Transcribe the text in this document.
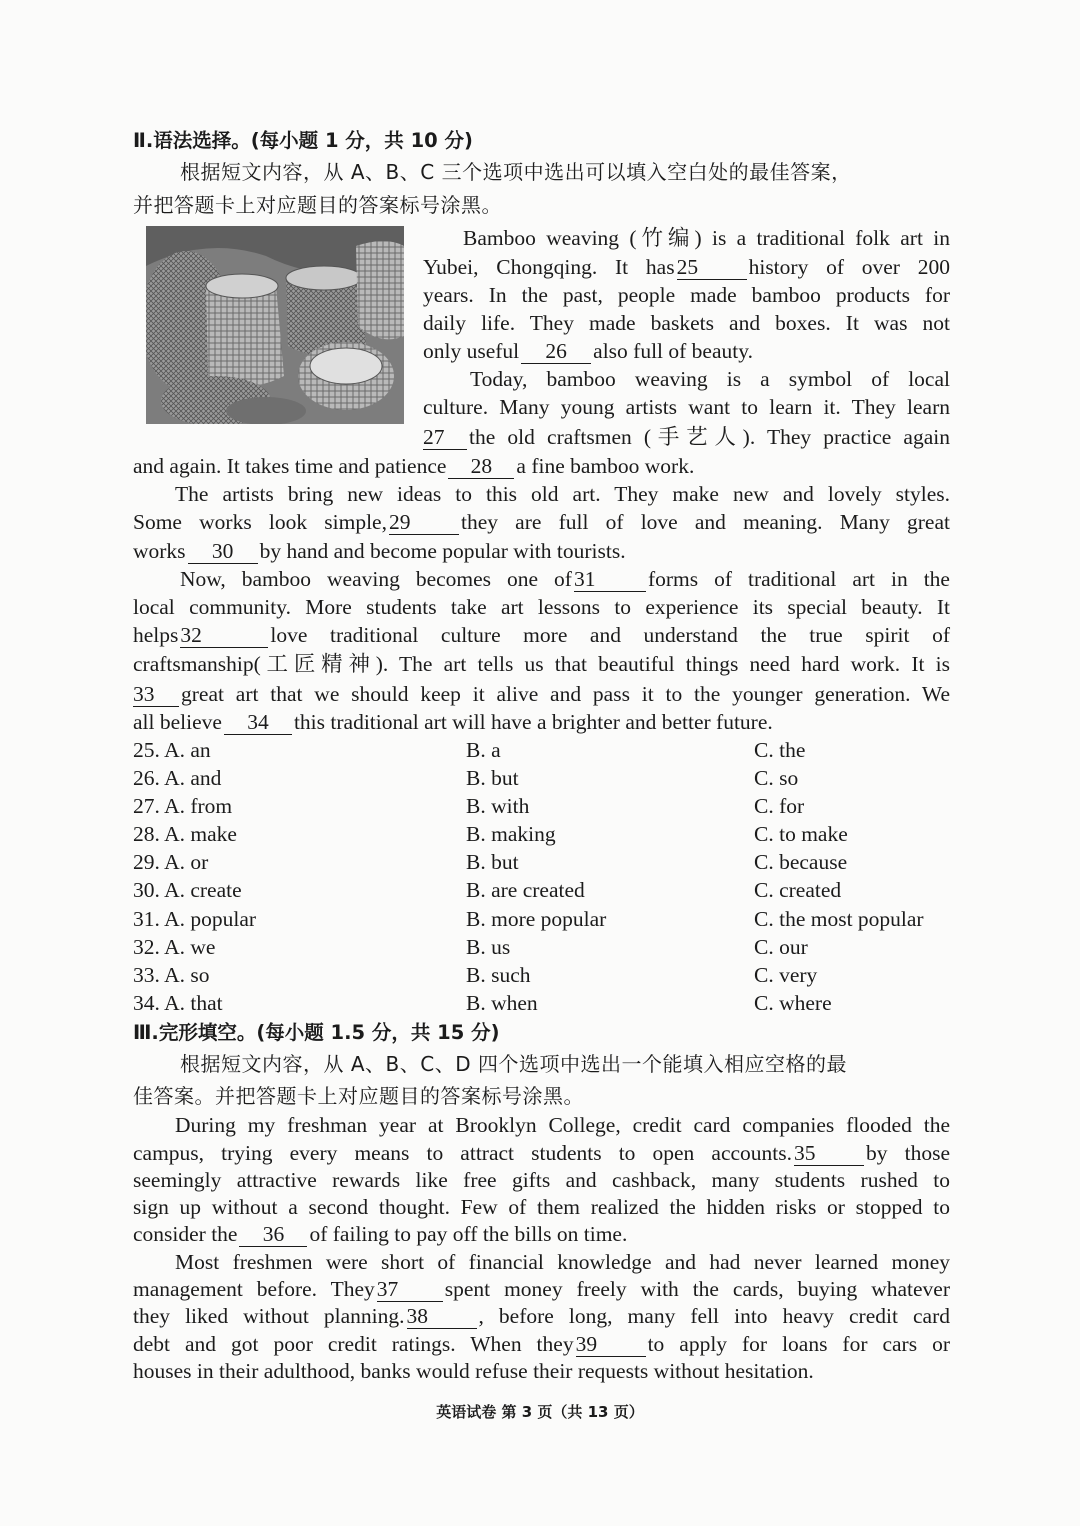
Ⅱ.语法选择。(每小题 1 分，共 10 分)
根据短文内容，从 A、B、C 三个选项中选出可以填入空白处的最佳答案，
并把答题卡上对应题目的答案标号涂黑。
Bamboo weaving (竹编) is a traditional folk art in
Yubei, Chongqing. It has25 history of over 200
years. In the past, people made bamboo products for
daily life. They made baskets and boxes. It was not
only useful 26 also full of beauty.
Today, bamboo weaving is a symbol of local
culture. Many young artists want to learn it. They learn
27 the old craftsmen (手艺人). They practice again
and again. It takes time and patience 28 a fine bamboo work.
The artists bring new ideas to this old art. They make new and lovely styles.
Some works look simple,29 they are full of love and meaning. Many great
works 30 by hand and become popular with tourists.
Now, bamboo weaving becomes one of31 forms of traditional art in the
local community. More students take art lessons to experience its special beauty. It
helps32	love traditional culture more and understand the true spirit of
craftsmanship(工匠精神). The art tells us that beautiful things need hard work. It is
33 great art that we should keep it alive and pass it to the younger generation. We
all believe 34 this traditional art will have a brighter and better future.
25. A. an	B. a	C. the
26. A. and	B. but	C. so
27. A. from	B. with	C. for
28. A. make	B. making	C. to make
29. A. or	B. but	C. because
30. A. create	B. are created	C. created
31. A. popular	B. more popular	C. the most popular
32. A. we	B. us	C. our
33. A. so	B. such	C. very
34. A. that	B. when	C. where
Ⅲ.完形填空。(每小题 1.5 分，共 15 分)
根据短文内容，从 A、B、C、D 四个选项中选出一个能填入相应空格的最
佳答案。并把答题卡上对应题目的答案标号涂黑。
During my freshman year at Brooklyn College, credit card companies flooded the
campus, trying every means to attract students to open accounts.35 by those
seemingly attractive rewards like free gifts and cashback, many students rushed to
sign up without a second thought. Few of them realized the hidden risks or stopped to
consider the 36 of failing to pay off the bills on time.
Most freshmen were short of financial knowledge and had never learned money
management before. They37 spent money freely with the cards, buying whatever
they liked without planning.38 , before long, many fell into heavy credit card
debt and got poor credit ratings. When they39 to apply for loans for cars or
houses in their adulthood, banks would refuse their requests without hesitation.
英语试卷 第 3 页（共 13 页）
